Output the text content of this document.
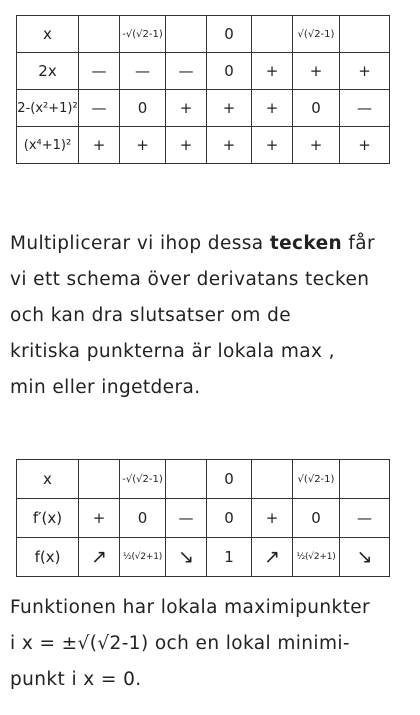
x		-√(√2-1)		0		√(√2-1)	
2x	—	—	—	0	+	+	+
2-(x²+1)²	—	0	+	+	+	0	—
(x⁴+1)²	+	+	+	+	+	+	+

Multiplicerar vi ihop dessa tecken får
vi ett schema över derivatans tecken
och kan dra slutsatser om de
kritiska punkterna är lokala max ,
min eller ingetdera.

x		-√(√2-1)		0		√(√2-1)	
f′(x)	+	0	—	0	+	0	—
f(x)	↗	½(√2+1)	↘	1	↗	½(√2+1)	↘

Funktionen har lokala maximipunkter
i x = ±√(√2-1) och en lokal minimi-
punkt i x = 0.
